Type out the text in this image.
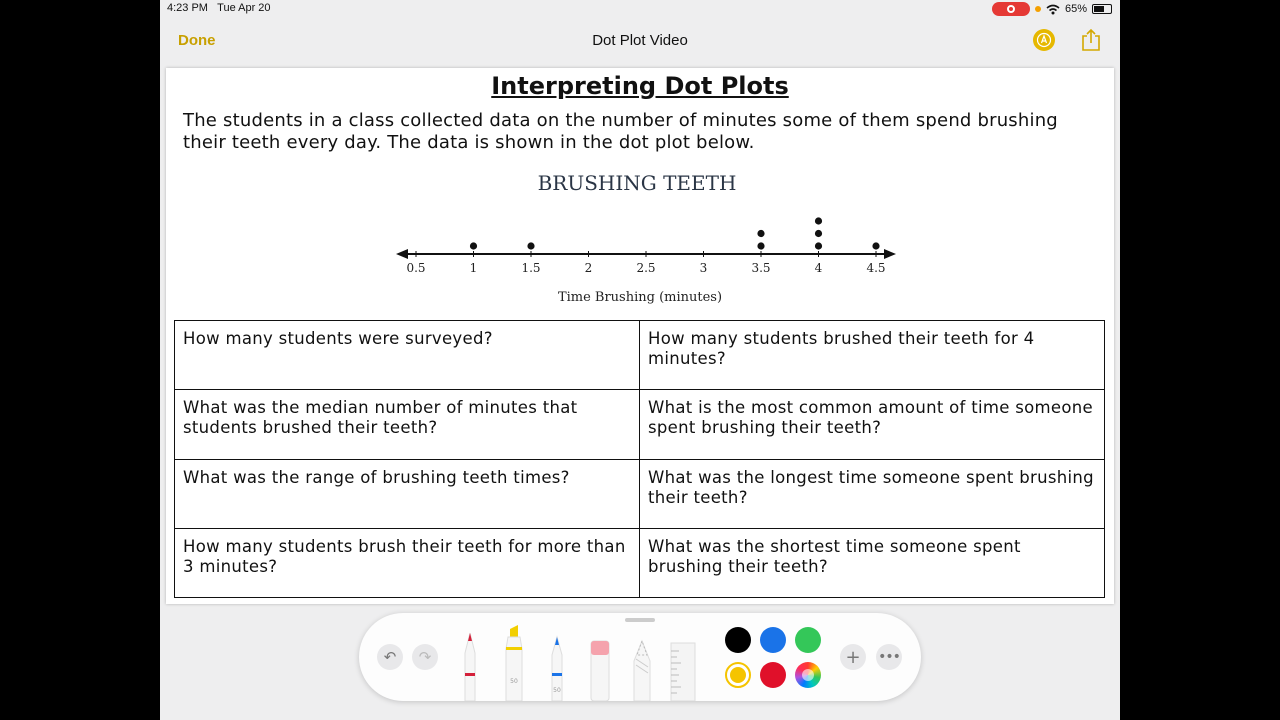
4:23 PM Tue Apr 20	65%
Done	Dot Plot Video
Interpreting Dot Plots
The students in a class collected data on the number of minutes some of them spend brushing their teeth every day. The data is shown in the dot plot below.
BRUSHING TEETH
0.5	1	1.5	2	2.5	3	3.5	4	4.5
Time Brushing (minutes)
How many students were surveyed?	How many students brushed their teeth for 4 minutes?
What was the median number of minutes that students brushed their teeth?	What is the most common amount of time someone spent brushing their teeth?
What was the range of brushing teeth times?	What was the longest time someone spent brushing their teeth?
How many students brush their teeth for more than 3 minutes?	What was the shortest time someone spent brushing their teeth?
↶	↷
50
50
+	•••
